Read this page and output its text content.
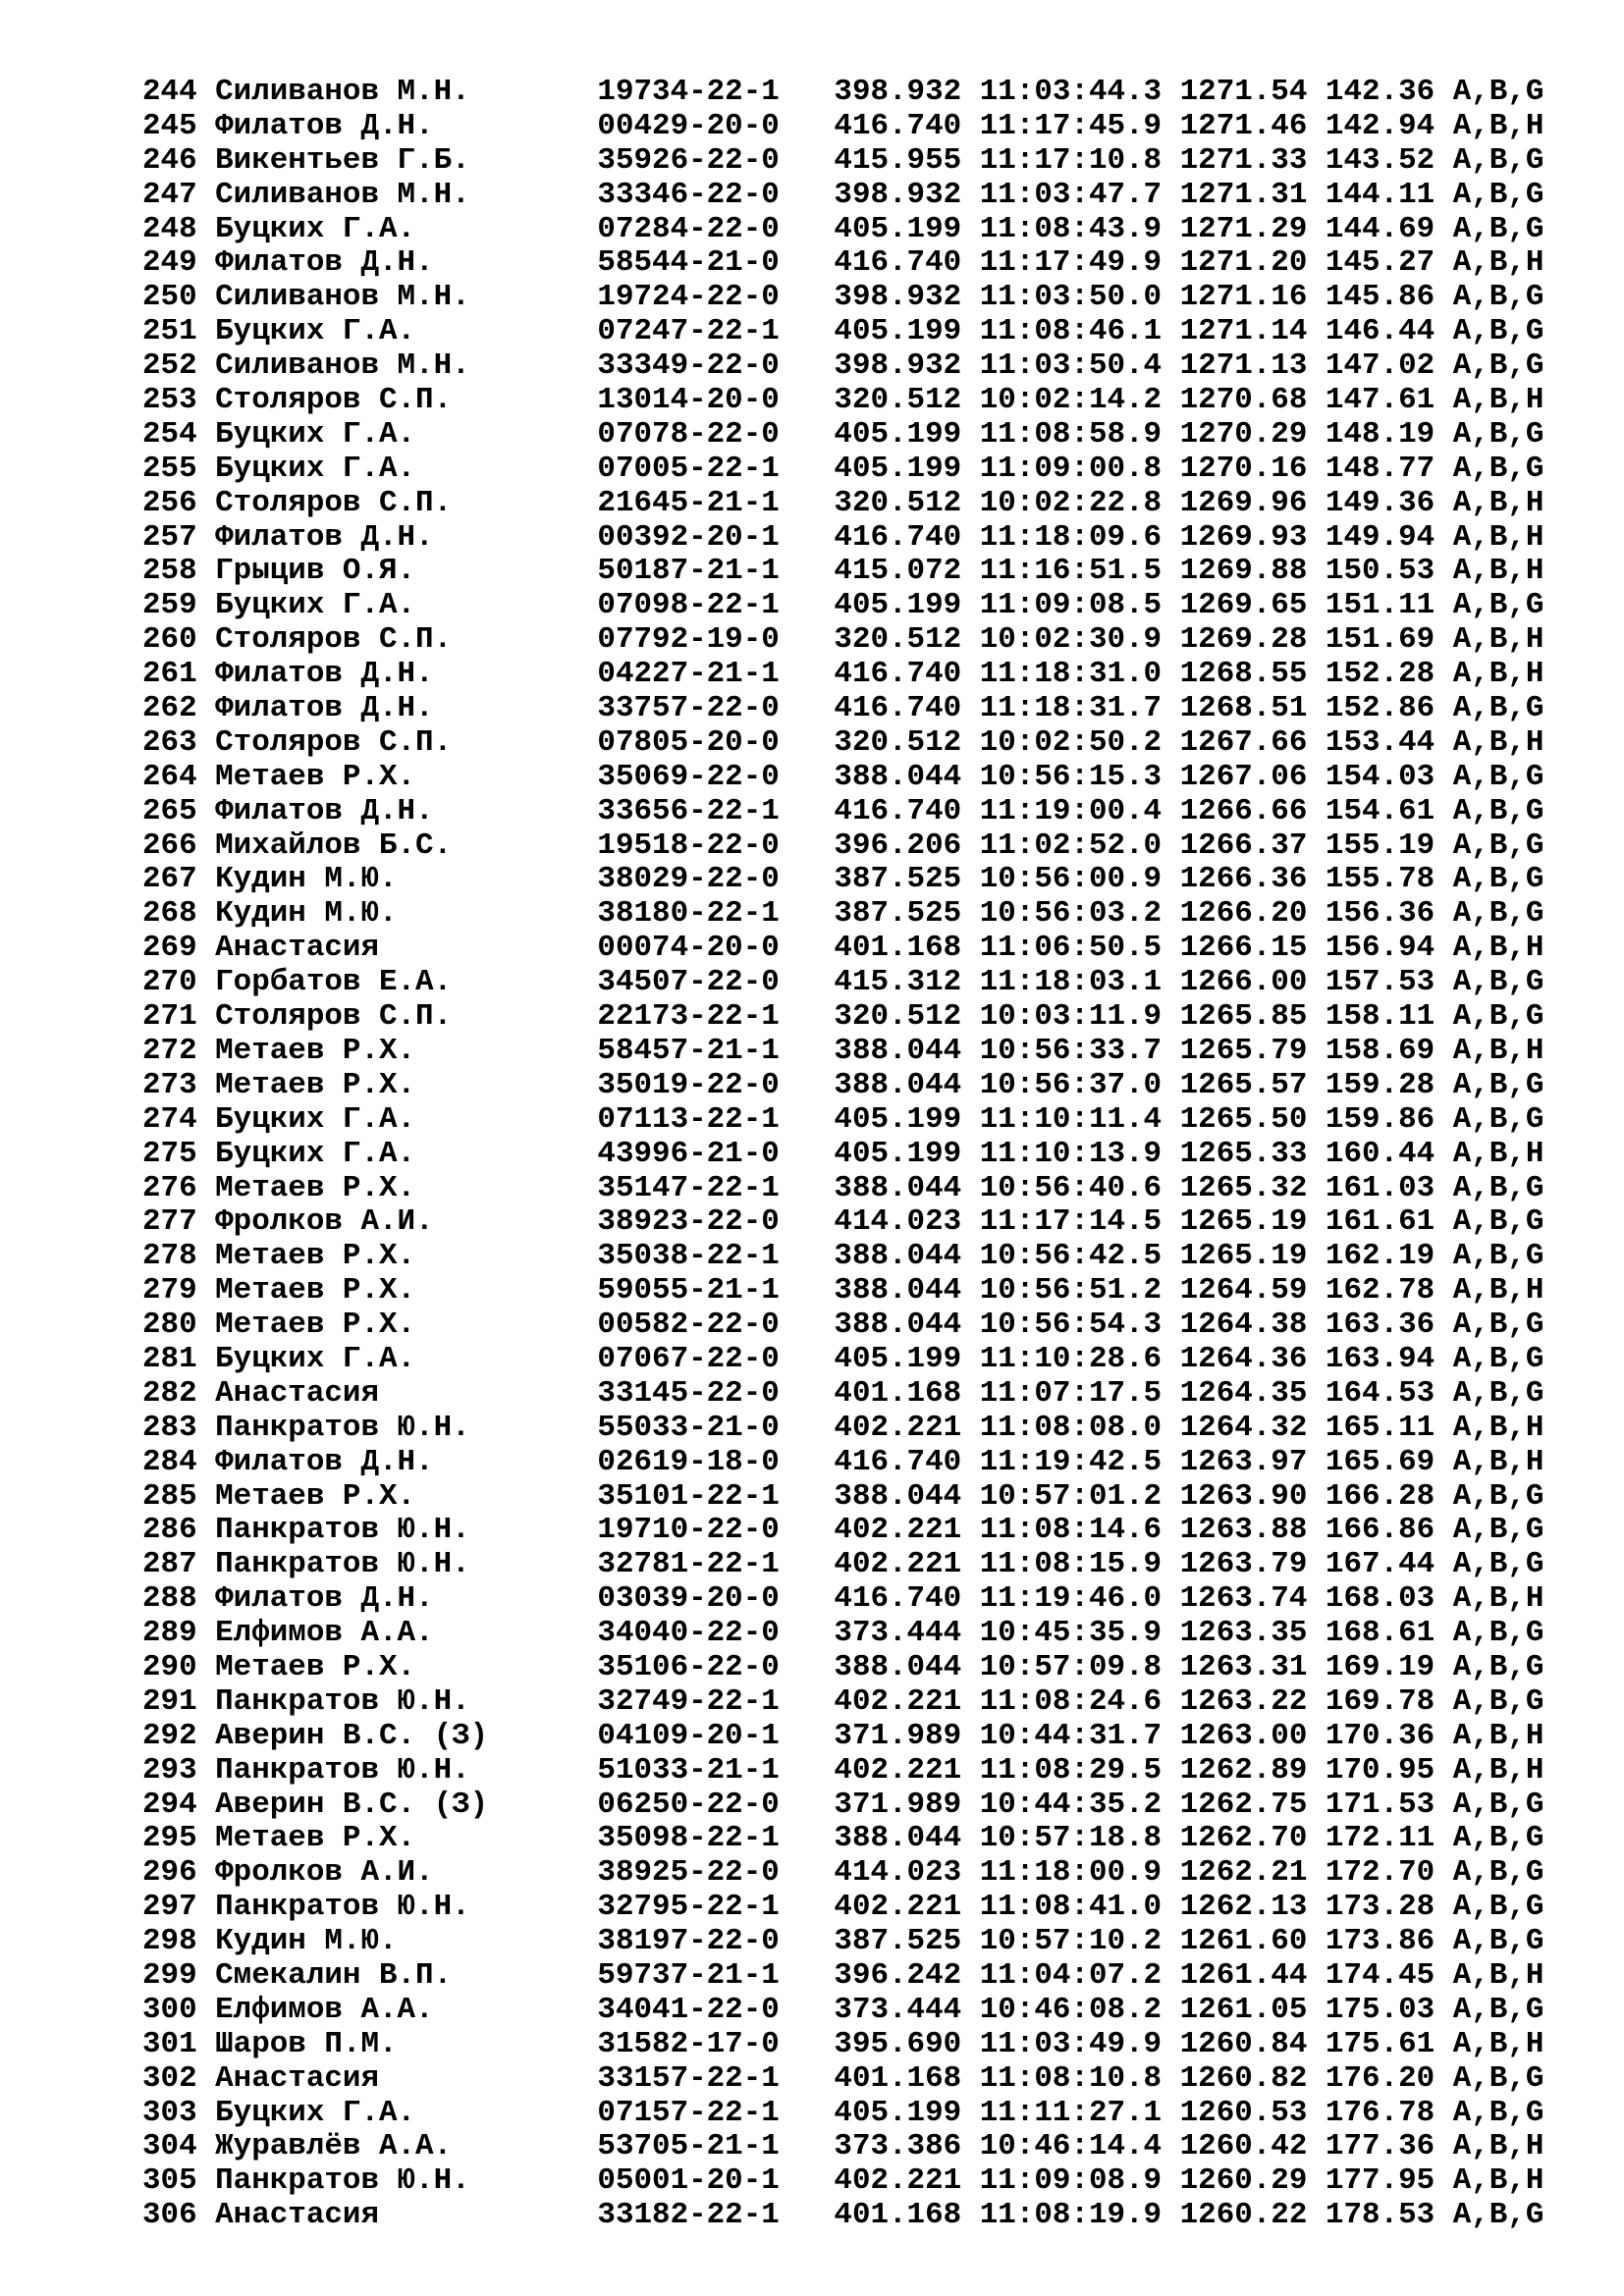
244 Силиванов М.Н.	19734-22-1 398.932 11:03:44.3 1271.54 142.36 A,B,G
245 Филатов Д.Н.	00429-20-0 416.740 11:17:45.9 1271.46 142.94 A,B,H
246 Викентьев Г.Б.	35926-22-0 415.955 11:17:10.8 1271.33 143.52 A,B,G
247 Силиванов М.Н.	33346-22-0 398.932 11:03:47.7 1271.31 144.11 A,B,G
248 Буцких Г.А.	07284-22-0 405.199 11:08:43.9 1271.29 144.69 A,B,G
249 Филатов Д.Н.	58544-21-0 416.740 11:17:49.9 1271.20 145.27 A,B,H
250 Силиванов М.Н.	19724-22-0 398.932 11:03:50.0 1271.16 145.86 A,B,G
251 Буцких Г.А.	07247-22-1 405.199 11:08:46.1 1271.14 146.44 A,B,G
252 Силиванов М.Н.	33349-22-0 398.932 11:03:50.4 1271.13 147.02 A,B,G
253 Столяров С.П.	13014-20-0 320.512 10:02:14.2 1270.68 147.61 A,B,H
254 Буцких Г.А.	07078-22-0 405.199 11:08:58.9 1270.29 148.19 A,B,G
255 Буцких Г.А.	07005-22-1 405.199 11:09:00.8 1270.16 148.77 A,B,G
256 Столяров С.П.	21645-21-1 320.512 10:02:22.8 1269.96 149.36 A,B,H
257 Филатов Д.Н.	00392-20-1 416.740 11:18:09.6 1269.93 149.94 A,B,H
258 Грыцив О.Я.	50187-21-1 415.072 11:16:51.5 1269.88 150.53 A,B,H
259 Буцких Г.А.	07098-22-1 405.199 11:09:08.5 1269.65 151.11 A,B,G
260 Столяров С.П.	07792-19-0 320.512 10:02:30.9 1269.28 151.69 A,B,H
261 Филатов Д.Н.	04227-21-1 416.740 11:18:31.0 1268.55 152.28 A,B,H
262 Филатов Д.Н.	33757-22-0 416.740 11:18:31.7 1268.51 152.86 A,B,G
263 Столяров С.П.	07805-20-0 320.512 10:02:50.2 1267.66 153.44 A,B,H
264 Метаев Р.Х.	35069-22-0 388.044 10:56:15.3 1267.06 154.03 A,B,G
265 Филатов Д.Н.	33656-22-1 416.740 11:19:00.4 1266.66 154.61 A,B,G
266 Михайлов Б.С.	19518-22-0 396.206 11:02:52.0 1266.37 155.19 A,B,G
267 Кудин М.Ю.	38029-22-0 387.525 10:56:00.9 1266.36 155.78 A,B,G
268 Кудин М.Ю.	38180-22-1 387.525 10:56:03.2 1266.20 156.36 A,B,G
269 Анастасия	00074-20-0 401.168 11:06:50.5 1266.15 156.94 A,B,H
270 Горбатов Е.А.	34507-22-0 415.312 11:18:03.1 1266.00 157.53 A,B,G
271 Столяров С.П.	22173-22-1 320.512 10:03:11.9 1265.85 158.11 A,B,G
272 Метаев Р.Х.	58457-21-1 388.044 10:56:33.7 1265.79 158.69 A,B,H
273 Метаев Р.Х.	35019-22-0 388.044 10:56:37.0 1265.57 159.28 A,B,G
274 Буцких Г.А.	07113-22-1 405.199 11:10:11.4 1265.50 159.86 A,B,G
275 Буцких Г.А.	43996-21-0 405.199 11:10:13.9 1265.33 160.44 A,B,H
276 Метаев Р.Х.	35147-22-1 388.044 10:56:40.6 1265.32 161.03 A,B,G
277 Фролков А.И.	38923-22-0 414.023 11:17:14.5 1265.19 161.61 A,B,G
278 Метаев Р.Х.	35038-22-1 388.044 10:56:42.5 1265.19 162.19 A,B,G
279 Метаев Р.Х.	59055-21-1 388.044 10:56:51.2 1264.59 162.78 A,B,H
280 Метаев Р.Х.	00582-22-0 388.044 10:56:54.3 1264.38 163.36 A,B,G
281 Буцких Г.А.	07067-22-0 405.199 11:10:28.6 1264.36 163.94 A,B,G
282 Анастасия	33145-22-0 401.168 11:07:17.5 1264.35 164.53 A,B,G
283 Панкратов Ю.Н.	55033-21-0 402.221 11:08:08.0 1264.32 165.11 A,B,H
284 Филатов Д.Н.	02619-18-0 416.740 11:19:42.5 1263.97 165.69 A,B,H
285 Метаев Р.Х.	35101-22-1 388.044 10:57:01.2 1263.90 166.28 A,B,G
286 Панкратов Ю.Н.	19710-22-0 402.221 11:08:14.6 1263.88 166.86 A,B,G
287 Панкратов Ю.Н.	32781-22-1 402.221 11:08:15.9 1263.79 167.44 A,B,G
288 Филатов Д.Н.	03039-20-0 416.740 11:19:46.0 1263.74 168.03 A,B,H
289 Елфимов А.А.	34040-22-0 373.444 10:45:35.9 1263.35 168.61 A,B,G
290 Метаев Р.Х.	35106-22-0 388.044 10:57:09.8 1263.31 169.19 A,B,G
291 Панкратов Ю.Н.	32749-22-1 402.221 11:08:24.6 1263.22 169.78 A,B,G
292 Аверин В.С. (З)	04109-20-1 371.989 10:44:31.7 1263.00 170.36 A,B,H
293 Панкратов Ю.Н.	51033-21-1 402.221 11:08:29.5 1262.89 170.95 A,B,H
294 Аверин В.С. (З)	06250-22-0 371.989 10:44:35.2 1262.75 171.53 A,B,G
295 Метаев Р.Х.	35098-22-1 388.044 10:57:18.8 1262.70 172.11 A,B,G
296 Фролков А.И.	38925-22-0 414.023 11:18:00.9 1262.21 172.70 A,B,G
297 Панкратов Ю.Н.	32795-22-1 402.221 11:08:41.0 1262.13 173.28 A,B,G
298 Кудин М.Ю.	38197-22-0 387.525 10:57:10.2 1261.60 173.86 A,B,G
299 Смекалин В.П.	59737-21-1 396.242 11:04:07.2 1261.44 174.45 A,B,H
300 Елфимов А.А.	34041-22-0 373.444 10:46:08.2 1261.05 175.03 A,B,G
301 Шаров П.М.	31582-17-0 395.690 11:03:49.9 1260.84 175.61 A,B,H
302 Анастасия	33157-22-1 401.168 11:08:10.8 1260.82 176.20 A,B,G
303 Буцких Г.А.	07157-22-1 405.199 11:11:27.1 1260.53 176.78 A,B,G
304 Журавлёв А.А.	53705-21-1 373.386 10:46:14.4 1260.42 177.36 A,B,H
305 Панкратов Ю.Н.	05001-20-1 402.221 11:09:08.9 1260.29 177.95 A,B,H
306 Анастасия	33182-22-1 401.168 11:08:19.9 1260.22 178.53 A,B,G
